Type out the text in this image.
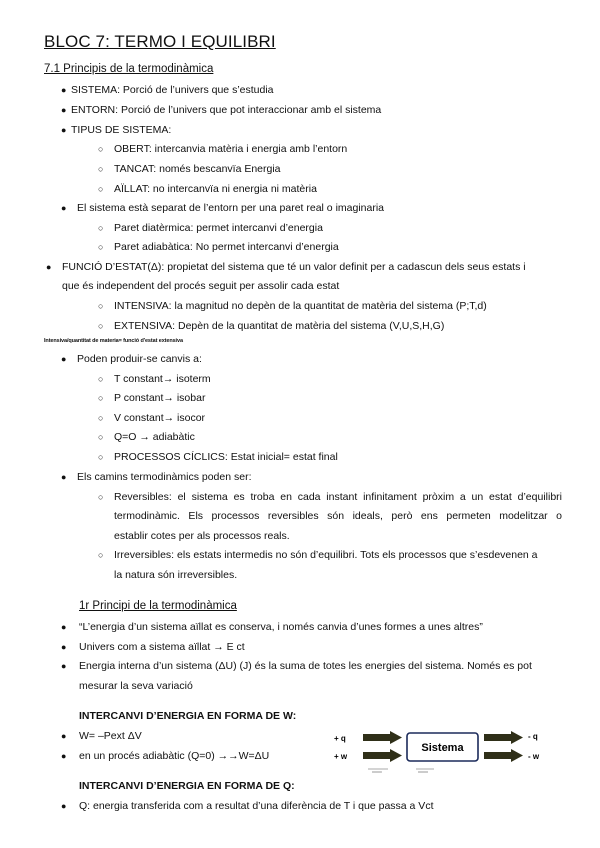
BLOC 7: TERMO I EQUILIBRI
7.1 Principis de la termodinàmica
● SISTEMA: Porció de l’univers que s’estudia
● ENTORN: Porció de l’univers que pot interaccionar amb el sistema
● TIPUS DE SISTEMA:
○ OBERT: intercanvia matèria i energia amb l’entorn
○ TANCAT: només bescanvïa Energia
○ AÏLLAT: no intercanvïa ni energia ni matèria
● El sistema està separat de l’entorn per una paret real o imaginaria
○ Paret diatèrmica: permet intercanvi d’energia
○ Paret adiabàtica: No permet intercanvi d’energia
● FUNCIÓ D’ESTAT(Δ): propietat del sistema que té un valor definit per a cadascun dels seus estats i
que és independent del procés seguit per assolir cada estat
○ INTENSIVA: la magnitud no depèn de la quantitat de matèria del sistema (P;T,d)
○ EXTENSIVA: Depèn de la quantitat de matèria del sistema (V,U,S,H,G)
Intensiva/quantitat de materia= funció d'estat extensiva
● Poden produir-se canvis a:
○ T constant→ isoterm
○ P constant→ isobar
○ V constant→ isocor
○ Q=O → adiabàtic
○ PROCESSOS CÍCLICS: Estat inicial= estat final
● Els camins termodinàmics poden ser:
○ Reversibles: el sistema es troba en cada instant infinitament pròxim a un estat d’equilibri
termodinàmic. Els processos reversibles són ideals, però ens permeten modelitzar o
establir cotes per als processos reals.
○ Irreversibles: els estats intermedis no són d’equilibri. Tots els processos que s’esdevenen a
la natura són irreversibles.
1r Principi de la termodinàmica
● “L’energia d’un sistema aïllat es conserva, i només canvia d’unes formes a unes altres”
● Univers com a sistema aïllat → E ct
● Energia interna d’un sistema (ΔU) (J) és la suma de totes les energies del sistema. Només es pot
mesurar la seva variació
INTERCANVI D’ENERGIA EN FORMA DE W:
● W= –Pext ΔV
● en un procés adiabàtic (Q=0) →→W=ΔU
INTERCANVI D’ENERGIA EN FORMA DE Q:
● Q: energia transferida com a resultat d’una diferència de T i que passa a Vct
+ q
+ w
Sistema
- q
- w
